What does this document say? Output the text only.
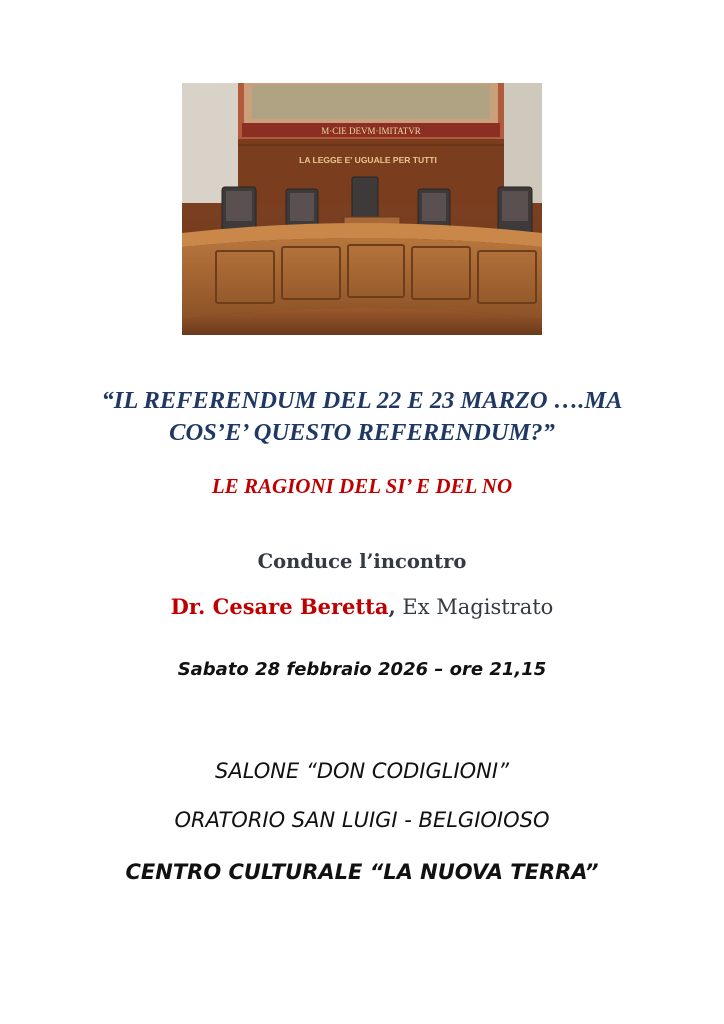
M·CIE DEVM·IMITATVR
LA LEGGE E' UGUALE PER TUTTI
“IL REFERENDUM DEL 22 E 23 MARZO ….MA
COS’E’ QUESTO REFERENDUM?”
LE RAGIONI DEL SI’ E DEL NO
Conduce l’incontro
Dr. Cesare Beretta, Ex Magistrato
Sabato 28 febbraio 2026 – ore 21,15
SALONE “DON CODIGLIONI”
ORATORIO SAN LUIGI - BELGIOIOSO
CENTRO CULTURALE “LA NUOVA TERRA”
